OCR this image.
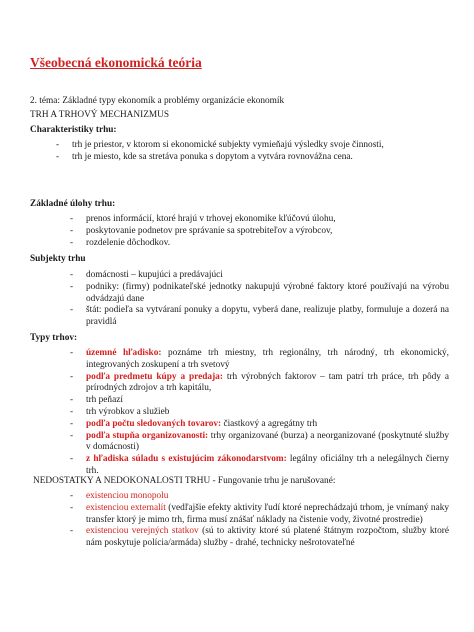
Všeobecná ekonomická teória
2. téma: Základné typy ekonomík a problémy organizácie ekonomík
TRH A TRHOVÝ MECHANIZMUS
Charakteristiky trhu:
- trh je priestor, v ktorom si ekonomické subjekty vymieňajú výsledky svoje činnosti,
- trh je miesto, kde sa stretáva ponuka s dopytom a vytvára rovnovážna cena.
Základné úlohy trhu:
- prenos informácií, ktoré hrajú v trhovej ekonomike kľúčovú úlohu,
- poskytovanie podnetov pre správanie sa spotrebiteľov a výrobcov,
- rozdelenie dôchodkov.
Subjekty trhu
- domácnosti – kupujúci a predávajúci
- podniky: (firmy) podnikateľské jednotky nakupujú výrobné faktory ktoré používajú na výrobu odvádzajú dane
- štát: podieľa sa vytváraní ponuky a dopytu, vyberá dane, realizuje platby, formuluje a dozerá na pravidlá
Typy trhov:
- územné hľadisko: poznáme trh miestny, trh regionálny, trh národný, trh ekonomický, integrovaných zoskupení a trh svetový
- podľa predmetu kúpy a predaja: trh výrobných faktorov – tam patrí trh práce, trh pôdy a prírodných zdrojov a trh kapitálu,
- trh peňazí
- trh výrobkov a služieb
- podľa počtu sledovaných tovarov: čiastkový a agregátny trh
- podľa stupňa organizovanosti: trhy organizované (burza) a neorganizované (poskytnuté služby v domácnosti)
- z hľadiska súladu s existujúcim zákonodarstvom: legálny oficiálny trh a nelegálnych čierny trh.
NEDOSTATKY A NEDOKONALOSTI TRHU - Fungovanie trhu je narušované:
- existenciou monopolu
- existenciou externalít (vedľajšie efekty aktivity ľudí ktoré neprechádzajú trhom, je vnímaný naky transfer ktorý je mimo trh, firma musí znášať náklady na čistenie vody, životné prostredie)
- existenciou verejných statkov (sú to aktivity ktoré sú platené štátnym rozpočtom, služby ktoré nám poskytuje polícia/armáda) služby - drahé, technicky nešrotovateľné
